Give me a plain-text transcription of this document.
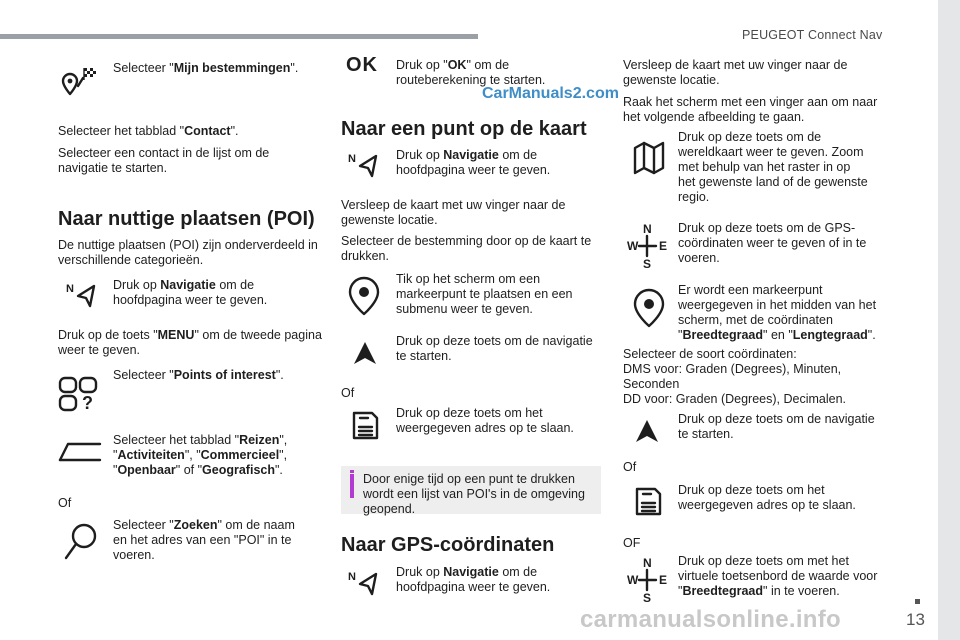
PEUGEOT Connect Nav
13
CarManuals2.com
carmanualsonline.info
Selecteer "Mijn bestemmingen".
Selecteer het tabblad "Contact".
Selecteer een contact in de lijst om de navigatie te starten.
Naar nuttige plaatsen (POI)
De nuttige plaatsen (POI) zijn onderverdeeld in verschillende categorieën.
N	Druk op Navigatie om de hoofdpagina weer te geven.
Druk op de toets "MENU" om de tweede pagina weer te geven.
?
Selecteer "Points of interest".
Selecteer het tabblad "Reizen", "Activiteiten", "Commercieel", "Openbaar" of "Geografisch".
Of
Selecteer "Zoeken" om de naam en het adres van een "POI" in te voeren.
OK Druk op "OK" om de routeberekening te starten.
Naar een punt op de kaart
N	Druk op Navigatie om de hoofdpagina weer te geven.
Versleep de kaart met uw vinger naar de gewenste locatie.
Selecteer de bestemming door op de kaart te drukken.
Tik op het scherm om een markeerpunt te plaatsen en een submenu weer te geven.
Druk op deze toets om de navigatie te starten.
Of
Druk op deze toets om het weergegeven adres op te slaan.
Door enige tijd op een punt te drukken wordt een lijst van POI's in de omgeving geopend.
Naar GPS-coördinaten
N	Druk op Navigatie om de hoofdpagina weer te geven.
Versleep de kaart met uw vinger naar de gewenste locatie.
Raak het scherm met een vinger aan om naar het volgende afbeelding te gaan.
Druk op deze toets om de wereldkaart weer te geven. Zoom met behulp van het raster in op het gewenste land of de gewenste regio.
N
W E
S
Druk op deze toets om de GPS-coördinaten weer te geven of in te voeren.
Er wordt een markeerpunt weergegeven in het midden van het scherm, met de coördinaten "Breedtegraad" en "Lengtegraad".
Selecteer de soort coördinaten:
DMS voor: Graden (Degrees), Minuten, Seconden
DD voor: Graden (Degrees), Decimalen.
Druk op deze toets om de navigatie te starten.
Of
Druk op deze toets om het weergegeven adres op te slaan.
OF
N
W E
S
Druk op deze toets om met het virtuele toetsenbord de waarde voor "Breedtegraad" in te voeren.
